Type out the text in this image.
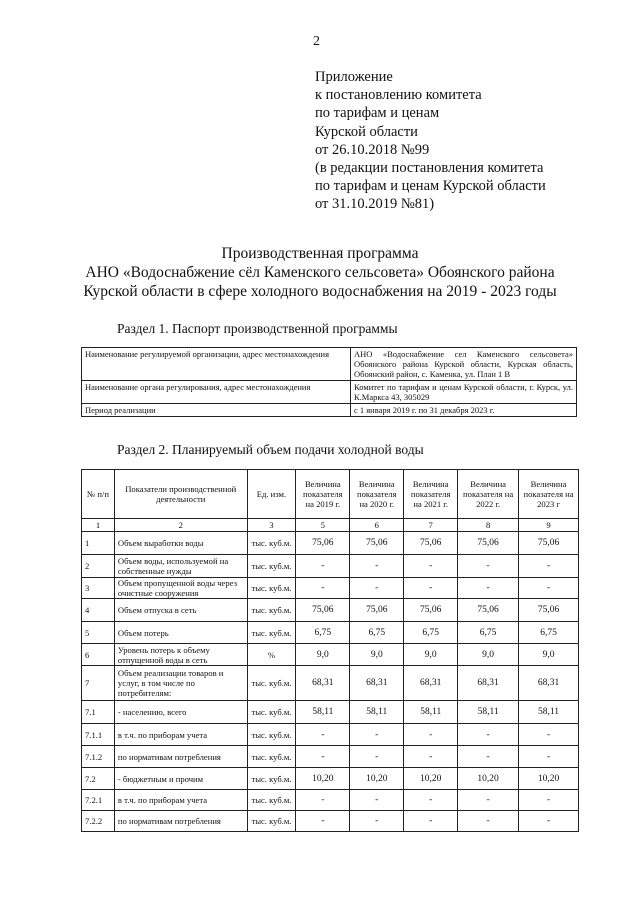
2
Приложение
к постановлению комитета
по тарифам и ценам
Курской области
от 26.10.2018 №99
(в редакции постановления комитета
по тарифам и ценам Курской области
от 31.10.2019 №81)
Производственная программа
АНО «Водоснабжение сёл Каменского сельсовета» Обоянского района
Курской области в сфере холодного водоснабжения на 2019 - 2023 годы
Раздел 1. Паспорт производственной программы
Наименование регулируемой организации, адрес местонахождения	АНО «Водоснабжение сел Каменского сельсовета» Обоянского района Курской области, Курская область, Обоянский район, с. Каменка, ул. План 1 В
Наименование органа регулирования, адрес местонахождения	Комитет по тарифам и ценам Курской области, г. Курск, ул. К.Маркса 43, 305029
Период реализации	с 1 января 2019 г. по 31 декабря 2023 г.
Раздел 2. Планируемый объем подачи холодной воды
№ п/п	Показатели производственной деятельности	Ед. изм.	Величина показателя на 2019 г.	Величина показателя на 2020 г.	Величина показателя на 2021 г.	Величина показателя на 2022 г.	Величина показателя на 2023 г
1	2	3	5	6	7	8	9
1	Объем выработки воды	тыс. куб.м.	75,06	75,06	75,06	75,06	75,06
2	Объем воды, используемой на собственные нужды	тыс. куб.м.	-	-	-	-	-
3	Объем пропущенной воды через очистные сооружения	тыс. куб.м.	-	-	-	-	-
4	Объем отпуска в сеть	тыс. куб.м.	75,06	75,06	75,06	75,06	75,06
5	Объем потерь	тыс. куб.м.	6,75	6,75	6,75	6,75	6,75
6	Уровень потерь к объему отпущенной воды в сеть	%	9,0	9,0	9,0	9,0	9,0
7	Объем реализации товаров и услуг, в том числе по потребителям:	тыс. куб.м.	68,31	68,31	68,31	68,31	68,31
7.1	- населению, всего	тыс. куб.м.	58,11	58,11	58,11	58,11	58,11
7.1.1	в т.ч. по приборам учета	тыс. куб.м.	-	-	-	-	-
7.1.2	по нормативам потребления	тыс. куб.м.	-	-	-	-	-
7.2	- бюджетным и прочим	тыс. куб.м.	10,20	10,20	10,20	10,20	10,20
7.2.1	в т.ч. по приборам учета	тыс. куб.м.	-	-	-	-	-
7.2.2	по нормативам потребления	тыс. куб.м.	-	-	-	-	-
